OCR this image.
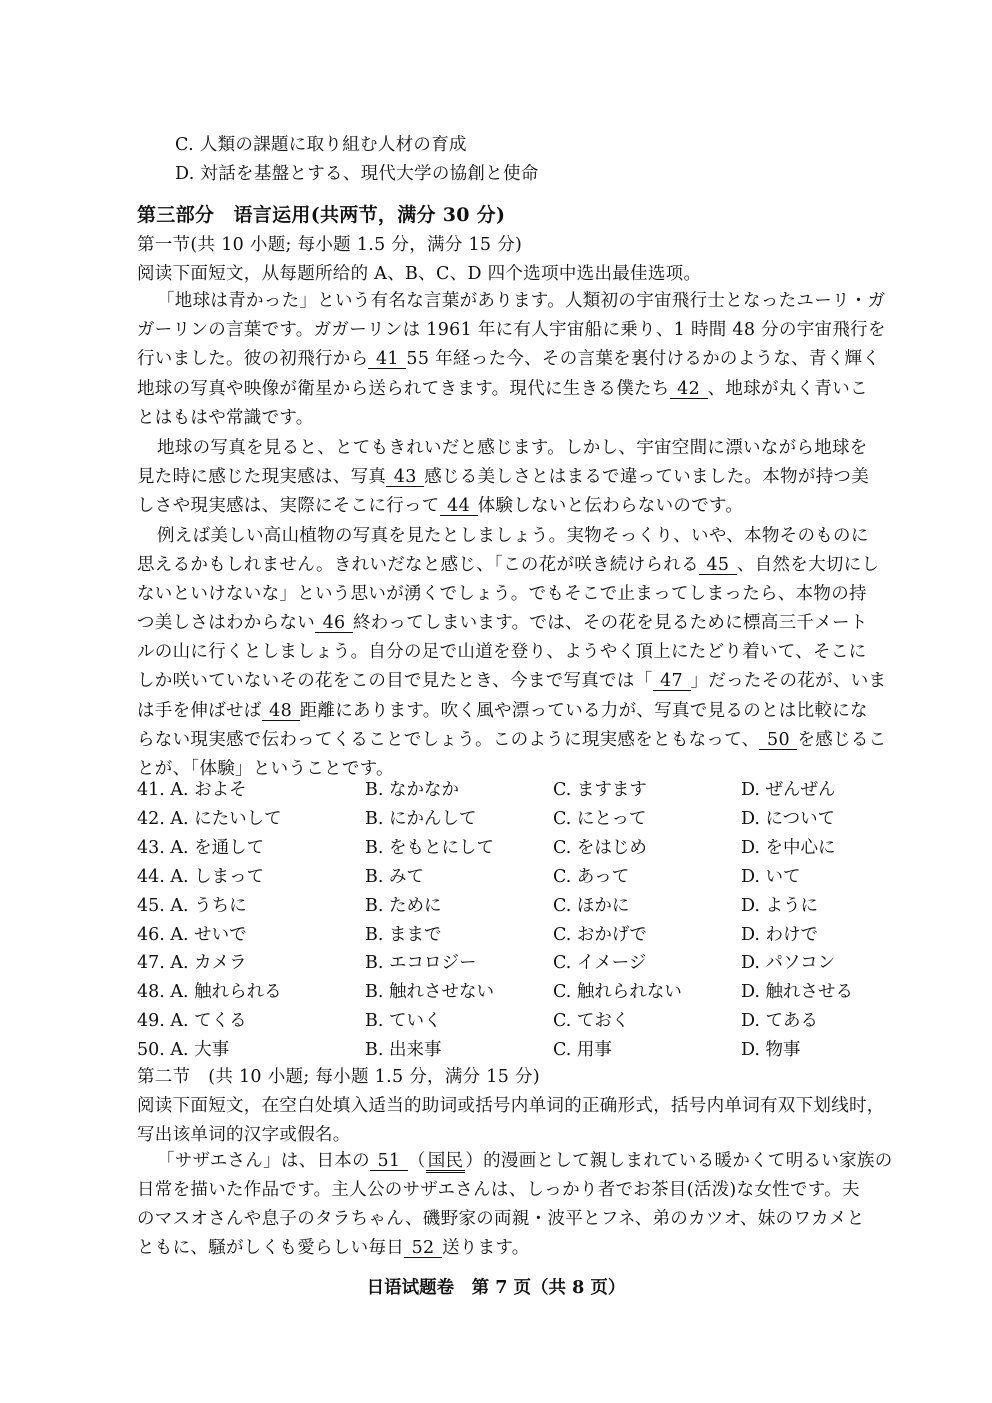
C. 人類の課題に取り組む人材の育成
D. 対話を基盤とする、現代大学の協創と使命
第三部分　语言运用(共两节，满分 30 分)
第一节(共 10 小题; 每小题 1.5 分，满分 15 分)
阅读下面短文，从每题所给的 A、B、C、D 四个选项中选出最佳选项。
「地球は青かった」という有名な言葉があります。人類初の宇宙飛行士となったユーリ・ガ
ガーリンの言葉です。ガガーリンは 1961 年に有人宇宙船に乗り、1 時間 48 分の宇宙飛行を
行いました。彼の初飛行から 41 55 年経った今、その言葉を裏付けるかのような、青く輝く
地球の写真や映像が衛星から送られてきます。現代に生きる僕たち 42 、地球が丸く青いこ
とはもはや常識です。
地球の写真を見ると、とてもきれいだと感じます。しかし、宇宙空間に漂いながら地球を
見た時に感じた現実感は、写真 43 感じる美しさとはまるで違っていました。本物が持つ美
しさや現実感は、実際にそこに行って 44 体験しないと伝わらないのです。
例えば美しい高山植物の写真を見たとしましょう。実物そっくり、いや、本物そのものに
思えるかもしれません。きれいだなと感じ、「この花が咲き続けられる 45 、自然を大切にし
ないといけないな」という思いが湧くでしょう。でもそこで止まってしまったら、本物の持
つ美しさはわからない 46 終わってしまいます。では、その花を見るために標高三千メート
ルの山に行くとしましょう。自分の足で山道を登り、ようやく頂上にたどり着いて、そこに
しか咲いていないその花をこの目で見たとき、今まで写真では「 47 」だったその花が、いま
は手を伸ばせば 48 距離にあります。吹く風や漂っている力が、写真で見るのとは比較にな
らない現実感で伝わってくることでしょう。このように現実感をともなって、 50 を感じるこ
とが、「体験」ということです。
41. A. およそ	B. なかなか	C. ますます	D. ぜんぜん
42. A. にたいして	B. にかんして	C. にとって	D. について
43. A. を通して	B. をもとにして	C. をはじめ	D. を中心に
44. A. しまって	B. みて	C. あって	D. いて
45. A. うちに	B. ために	C. ほかに	D. ように
46. A. せいで	B. ままで	C. おかげで	D. わけで
47. A. カメラ	B. エコロジー	C. イメージ	D. パソコン
48. A. 触れられる	B. 触れさせない	C. 触れられない	D. 触れさせる
49. A. てくる	B. ていく	C. ておく	D. てある
50. A. 大事	B. 出来事	C. 用事	D. 物事
第二节　(共 10 小题; 每小题 1.5 分，满分 15 分)
阅读下面短文，在空白处填入适当的助词或括号内单词的正确形式，括号内单词有双下划线时，
写出该单词的汉字或假名。
「サザエさん」は、日本の 51 （ 国民 ）的漫画として親しまれている暖かくて明るい家族の
日常を描いた作品です。主人公のサザエさんは、しっかり者でお茶目(活泼)な女性です。夫
のマスオさんや息子のタラちゃん、磯野家の両親・波平とフネ、弟のカツオ、妹のワカメと
ともに、騒がしくも愛らしい毎日 52 送ります。
日语试题卷　第 7 页（共 8 页）
